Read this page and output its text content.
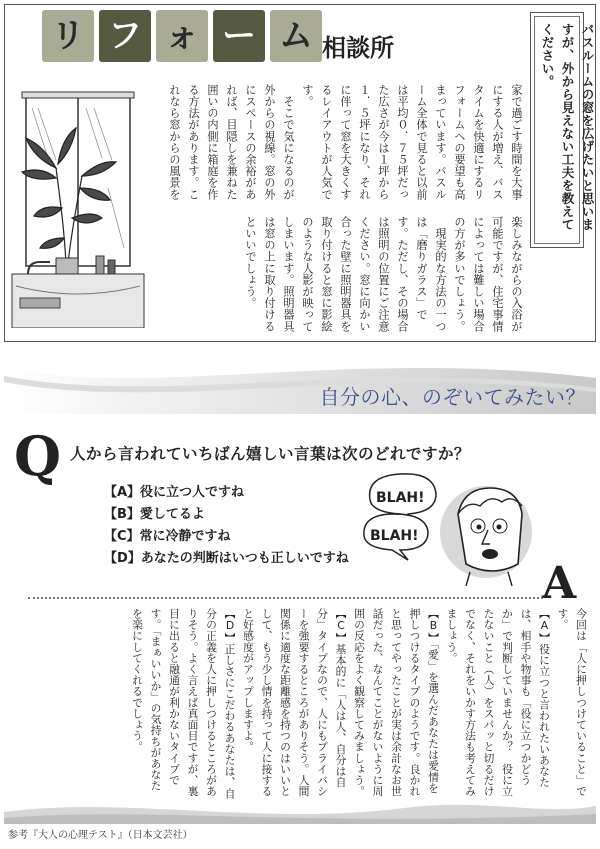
リ フ ォ ー ム 相談所	バスルームの窓を広げたいと思いますが、外から見えない工夫を教えてください。
家で過ごす時間を大事にする人が増え、バスタイムを快適にするリフォームへの要望も高まっています。バスルーム全体で見ると以前は平均０．７５坪だった広さが今は１坪から１．５坪になり、それに伴って窓を大きくするレイアウトが人気です。
　そこで気になるのが外からの視線。窓の外にスペースの余裕があれば、目隠しを兼ねた囲いの内側に箱庭を作る方法があります。これなら窓からの風景を楽しみながらの入浴が可能ですが、住宅事情によっては難しい場合の方が多いでしょう。
　現実的な方法の一つは「磨りガラス」です。ただし、その場合は照明の位置にご注意ください。窓に向かい合った壁に照明器具を取り付けると窓に影絵のような人影が映ってしまいます。照明器具は窓の上に取り付けるといいでしょう。
自分の心、のぞいてみたい？
Q 人から言われていちばん嬉しい言葉は次のどれですか？
【A】役に立つ人ですね
【B】愛してるよ
【C】常に冷静ですね
【D】あなたの判断はいつも正しいですね
BLAH!
BLAH!
A
今回は「人に押しつけていること」です。
【A】役に立つと言われたいあなたは、相手や物事も「役に立つかどうか」で判断していませんか？　役に立たないこと（人）をスパッと切るだけでなく、それをいかす方法も考えてみましょう。
【B】「愛」を選んだあなたは愛情を押しつけるタイプのようです。良かれと思ってやったことが実は余計なお世話だった、なんてことがないように周囲の反応をよく観察してみましょう。
【C】基本的に「人は人、自分は自分」タイプなので、人にもプライバシーを強要するところがありそう。人間関係に適度な距離感を持つのはいいとして、もう少し情を持って人に接すると好感度がアップしますよ。
【D】正しさにこだわるあなたは、自分の正義を人に押しつけるところがありそう。よく言えば真面目ですが、裏目に出ると融通が利かないタイプです。「まぁいいか」の気持ちがあなたを楽にしてくれるでしょう。
参考『大人の心理テスト』（日本文芸社）
